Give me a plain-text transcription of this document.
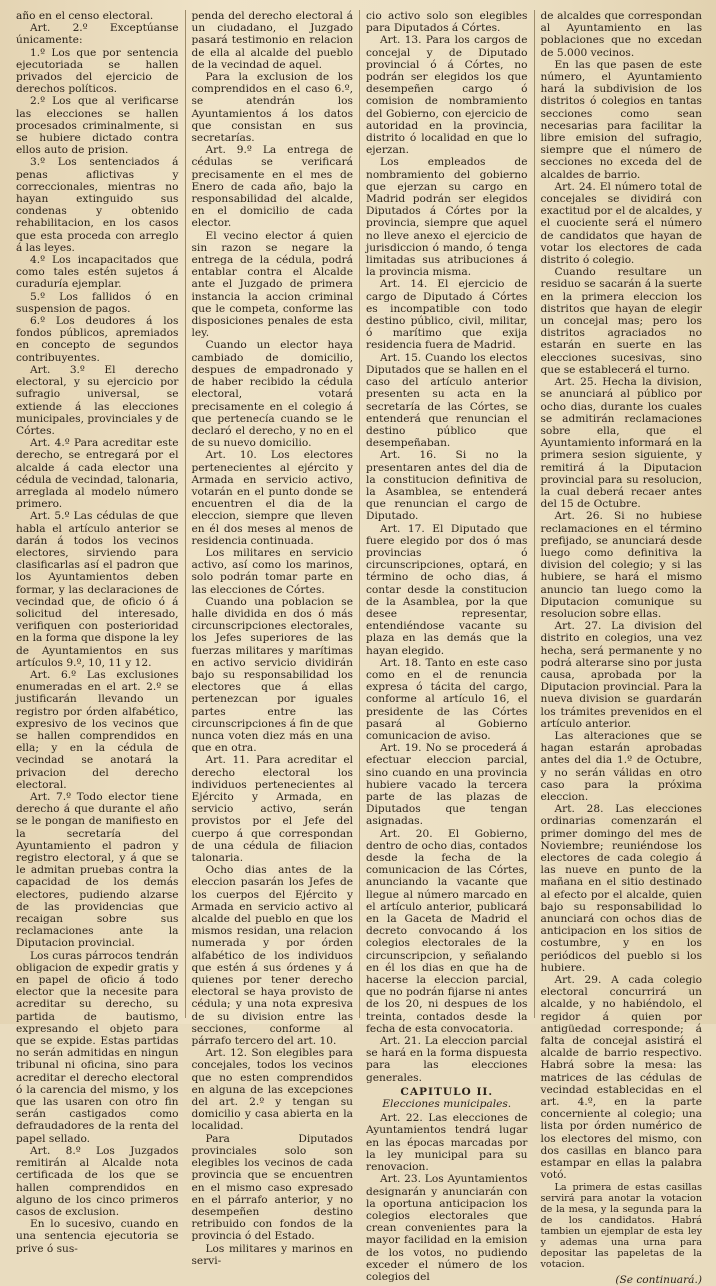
año en el censo electoral.

Art. 2.º Exceptúanse únicamente:

1.º Los que por sentencia ejecutoriada se hallen privados del ejercicio de derechos políticos.

2.º Los que al verificarse las elecciones se hallen procesados criminalmente, si se hubiere dictado contra ellos auto de prision.

3.º Los sentenciados á penas aflictivas y correccionales, mientras no hayan extinguido sus condenas y obtenido rehabilitacion, en los casos que esta proceda con arreglo á las leyes.

4.º Los incapacitados que como tales estén sujetos á curaduría ejemplar.

5.º Los fallidos ó en suspension de pagos.

6.º Los deudores á los fondos públicos, apremiados en concepto de segundos contribuyentes.

Art. 3.º El derecho electoral, y su ejercicio por sufragio universal, se extiende á las elecciones municipales, provinciales y de Córtes.

Art. 4.º Para acreditar este derecho, se entregará por el alcalde á cada elector una cédula de vecindad, talonaria, arreglada al modelo número primero.

Art. 5.º Las cédulas de que habla el artículo anterior se darán á todos los vecinos electores, sirviendo para clasificarlas así el padron que los Ayuntamientos deben formar, y las declaraciones de vecindad que, de oficio ó á solicitud del interesado, verifiquen con posterioridad en la forma que dispone la ley de Ayuntamientos en sus artículos 9.º, 10, 11 y 12.

Art. 6.º Las exclusiones enumeradas en el art. 2.º se justificarán llevando un registro por órden alfabético, expresivo de los vecinos que se hallen comprendidos en ella; y en la cédula de vecindad se anotará la privacion del derecho electoral.

Art. 7.º Todo elector tiene derecho á que durante el año se le pongan de manifiesto en la secretaría del Ayuntamiento el padron y registro electoral, y á que se le admitan pruebas contra la capacidad de los demás electores, pudiendo alzarse de las providencias que recaigan sobre sus reclamaciones ante la Diputacion provincial.

Los curas párrocos tendrán obligacion de expedir gratis y en papel de oficio á todo elector que la necesite para acreditar su derecho, su partida de bautismo, expresando el objeto para que se expide. Estas partidas no serán admitidas en ningun tribunal ni oficina, sino para acreditar el derecho electoral ó la carencia del mismo, y los que las usaren con otro fin serán castigados como defraudadores de la renta del papel sellado.

Art. 8.º Los Juzgados remitirán al Alcalde nota certificada de los que se hallen comprendidos en alguno de los cinco primeros casos de exclusion.

En lo sucesivo, cuando en una sentencia ejecutoria se prive ó sus-

penda del derecho electoral á un ciudadano, el Juzgado pasará testimonio en relacion de ella al alcalde del pueblo de la vecindad de aquel.

Para la exclusion de los comprendidos en el caso 6.º, se atendrán los Ayuntamientos á los datos que consistan en sus secretarías.

Art. 9.º La entrega de cédulas se verificará precisamente en el mes de Enero de cada año, bajo la responsabilidad del alcalde, en el domicilio de cada elector.

El vecino elector á quien sin razon se negare la entrega de la cédula, podrá entablar contra el Alcalde ante el Juzgado de primera instancia la accion criminal que le competa, conforme las disposiciones penales de esta ley.

Cuando un elector haya cambiado de domicilio, despues de empadronado y de haber recibido la cédula electoral, votará precisamente en el colegio á que pertenecía cuando se le declaró el derecho, y no en el de su nuevo domicilio.

Art. 10. Los electores pertenecientes al ejército y Armada en servicio activo, votarán en el punto donde se encuentren el dia de la eleccion, siempre que lleven en él dos meses al menos de residencia continuada.

Los militares en servicio activo, así como los marinos, solo podrán tomar parte en las elecciones de Córtes.

Cuando una poblacion se halle dividida en dos ó más circunscripciones electorales, los Jefes superiores de las fuerzas militares y marítimas en activo servicio dividirán bajo su responsabilidad los electores que á ellas pertenezcan por iguales partes entre las circunscripciones á fin de que nunca voten diez más en una que en otra.

Art. 11. Para acreditar el derecho electoral los individuos pertenecientes al Ejército y Armada, en servicio activo, serán provistos por el Jefe del cuerpo á que correspondan de una cédula de filiacion talonaria.

Ocho dias antes de la eleccion pasarán los Jefes de los cuerpos del Ejército y Armada en servicio activo al alcalde del pueblo en que los mismos residan, una relacion numerada y por órden alfabético de los individuos que estén á sus órdenes y á quienes por tener derecho electoral se haya provisto de cédula; y una nota expresiva de su division entre las secciones, conforme al párrafo tercero del art. 10.

Art. 12. Son elegibles para concejales, todos los vecinos que no esten comprendidos en alguna de las excepciones del art. 2.º y tengan su domicilio y casa abierta en la localidad.

Para Diputados provinciales solo son elegibles los vecinos de cada provincia que se encuentren en el mismo caso expresado en el párrafo anterior, y no desempeñen destino retribuido con fondos de la provincia ó del Estado.

Los militares y marinos en servi-

cio activo solo son elegibles para Diputados á Córtes.

Art. 13. Para los cargos de concejal y de Diputado provincial ó á Córtes, no podrán ser elegidos los que desempeñen cargo ó comision de nombramiento del Gobierno, con ejercicio de autoridad en la provincia, distrito ó localidad en que lo ejerzan.

Los empleados de nombramiento del gobierno que ejerzan su cargo en Madrid podrán ser elegidos Diputados á Córtes por la provincia, siempre que aquel no lleve anexo el ejercicio de jurisdiccion ó mando, ó tenga limitadas sus atribuciones á la provincia misma.

Art. 14. El ejercicio de cargo de Diputado á Córtes es incompatible con todo destino público, civil, militar, ó marítimo que exija residencia fuera de Madrid.

Art. 15. Cuando los electos Diputados que se hallen en el caso del artículo anterior presenten su acta en la secretaría de las Córtes, se entenderá que renuncian el destino público que desempeñaban.

Art. 16. Si no la presentaren antes del dia de la constitucion definitiva de la Asamblea, se entenderá que renuncian el cargo de Diputado.

Art. 17. El Diputado que fuere elegido por dos ó mas provincias ó circunscripciones, optará, en término de ocho dias, á contar desde la constitucion de la Asamblea, por la que desee representar, entendiéndose vacante su plaza en las demás que la hayan elegido.

Art. 18. Tanto en este caso como en el de renuncia expresa ó tácita del cargo, conforme al artículo 16, el presidente de las Córtes pasará al Gobierno comunicacion de aviso.

Art. 19. No se procederá á efectuar eleccion parcial, sino cuando en una provincia hubiere vacado la tercera parte de las plazas de Diputados que tengan asignadas.

Art. 20. El Gobierno, dentro de ocho dias, contados desde la fecha de la comunicacion de las Córtes, anunciando la vacante que llegue al número marcado en el artículo anterior, publicará en la Gaceta de Madrid el decreto convocando á los colegios electorales de la circunscripcion, y señalando en él los dias en que ha de hacerse la eleccion parcial, que no podrán fijarse ni antes de los 20, ni despues de los treinta, contados desde la fecha de esta convocatoria.

Art. 21. La eleccion parcial se hará en la forma dispuesta para las elecciones generales.

CAPITULO II.

Elecciones municipales.

Art. 22. Las elecciones de Ayuntamientos tendrá lugar en las épocas marcadas por la ley municipal para su renovacion.

Art. 23. Los Ayuntamientos designarán y anunciarán con la oportuna anticipacion los colegios electorales que crean convenientes para la mayor facilidad en la emision de los votos, no pudiendo exceder el número de los colegios del

de alcaldes que correspondan al Ayuntamiento en las poblaciones que no excedan de 5.000 vecinos.

En las que pasen de este número, el Ayuntamiento hará la subdivision de los distritos ó colegios en tantas secciones como sean necesarias para facilitar la libre emision del sufragio, siempre que el número de secciones no exceda del de alcaldes de barrio.

Art. 24. El número total de concejales se dividirá con exactitud por el de alcaldes, y el cuociente será el número de candidatos que hayan de votar los electores de cada distrito ó colegio.

Cuando resultare un residuo se sacarán á la suerte en la primera eleccion los distritos que hayan de elegir un concejal mas; pero los distritos agraciados no estarán en suerte en las elecciones sucesivas, sino que se establecerá el turno.

Art. 25. Hecha la division, se anunciará al público por ocho dias, durante los cuales se admitirán reclamaciones sobre ella, que el Ayuntamiento informará en la primera sesion siguiente, y remitirá á la Diputacion provincial para su resolucion, la cual deberá recaer antes del 15 de Octubre.

Art. 26. Si no hubiese reclamaciones en el término prefijado, se anunciará desde luego como definitiva la division del colegio; y si las hubiere, se hará el mismo anuncio tan luego como la Diputacion comunique su resolucion sobre ellas.

Art. 27. La division del distrito en colegios, una vez hecha, será permanente y no podrá alterarse sino por justa causa, aprobada por la Diputacion provincial. Para la nueva division se guardarán los trámites prevenidos en el artículo anterior.

Las alteraciones que se hagan estarán aprobadas antes del dia 1.º de Octubre, y no serán válidas en otro caso para la próxima eleccion.

Art. 28. Las elecciones ordinarias comenzarán el primer domingo del mes de Noviembre; reuniéndose los electores de cada colegio á las nueve en punto de la mañana en el sitio destinado al efecto por el alcalde, quien bajo su responsabilidad lo anunciará con ochos dias de anticipacion en los sitios de costumbre, y en los periódicos del pueblo si los hubiere.

Art. 29. A cada colegio electoral concurrirá un alcalde, y no habiéndolo, el regidor á quien por antigüedad corresponde; á falta de concejal asistirá el alcalde de barrio respectivo. Habrá sobre la mesa: las matrices de las cédulas de vecindad establecidas en el art. 4.º, en la parte concerniente al colegio; una lista por órden numérico de los electores del mismo, con dos casillas en blanco para estampar en ellas la palabra votó.

La primera de estas casillas servirá para anotar la votacion de la mesa, y la segunda para la de los candidatos. Habrá tambien un ejemplar de esta ley y ademas una urna para depositar las papeletas de la votacion.

(Se continuará.)
